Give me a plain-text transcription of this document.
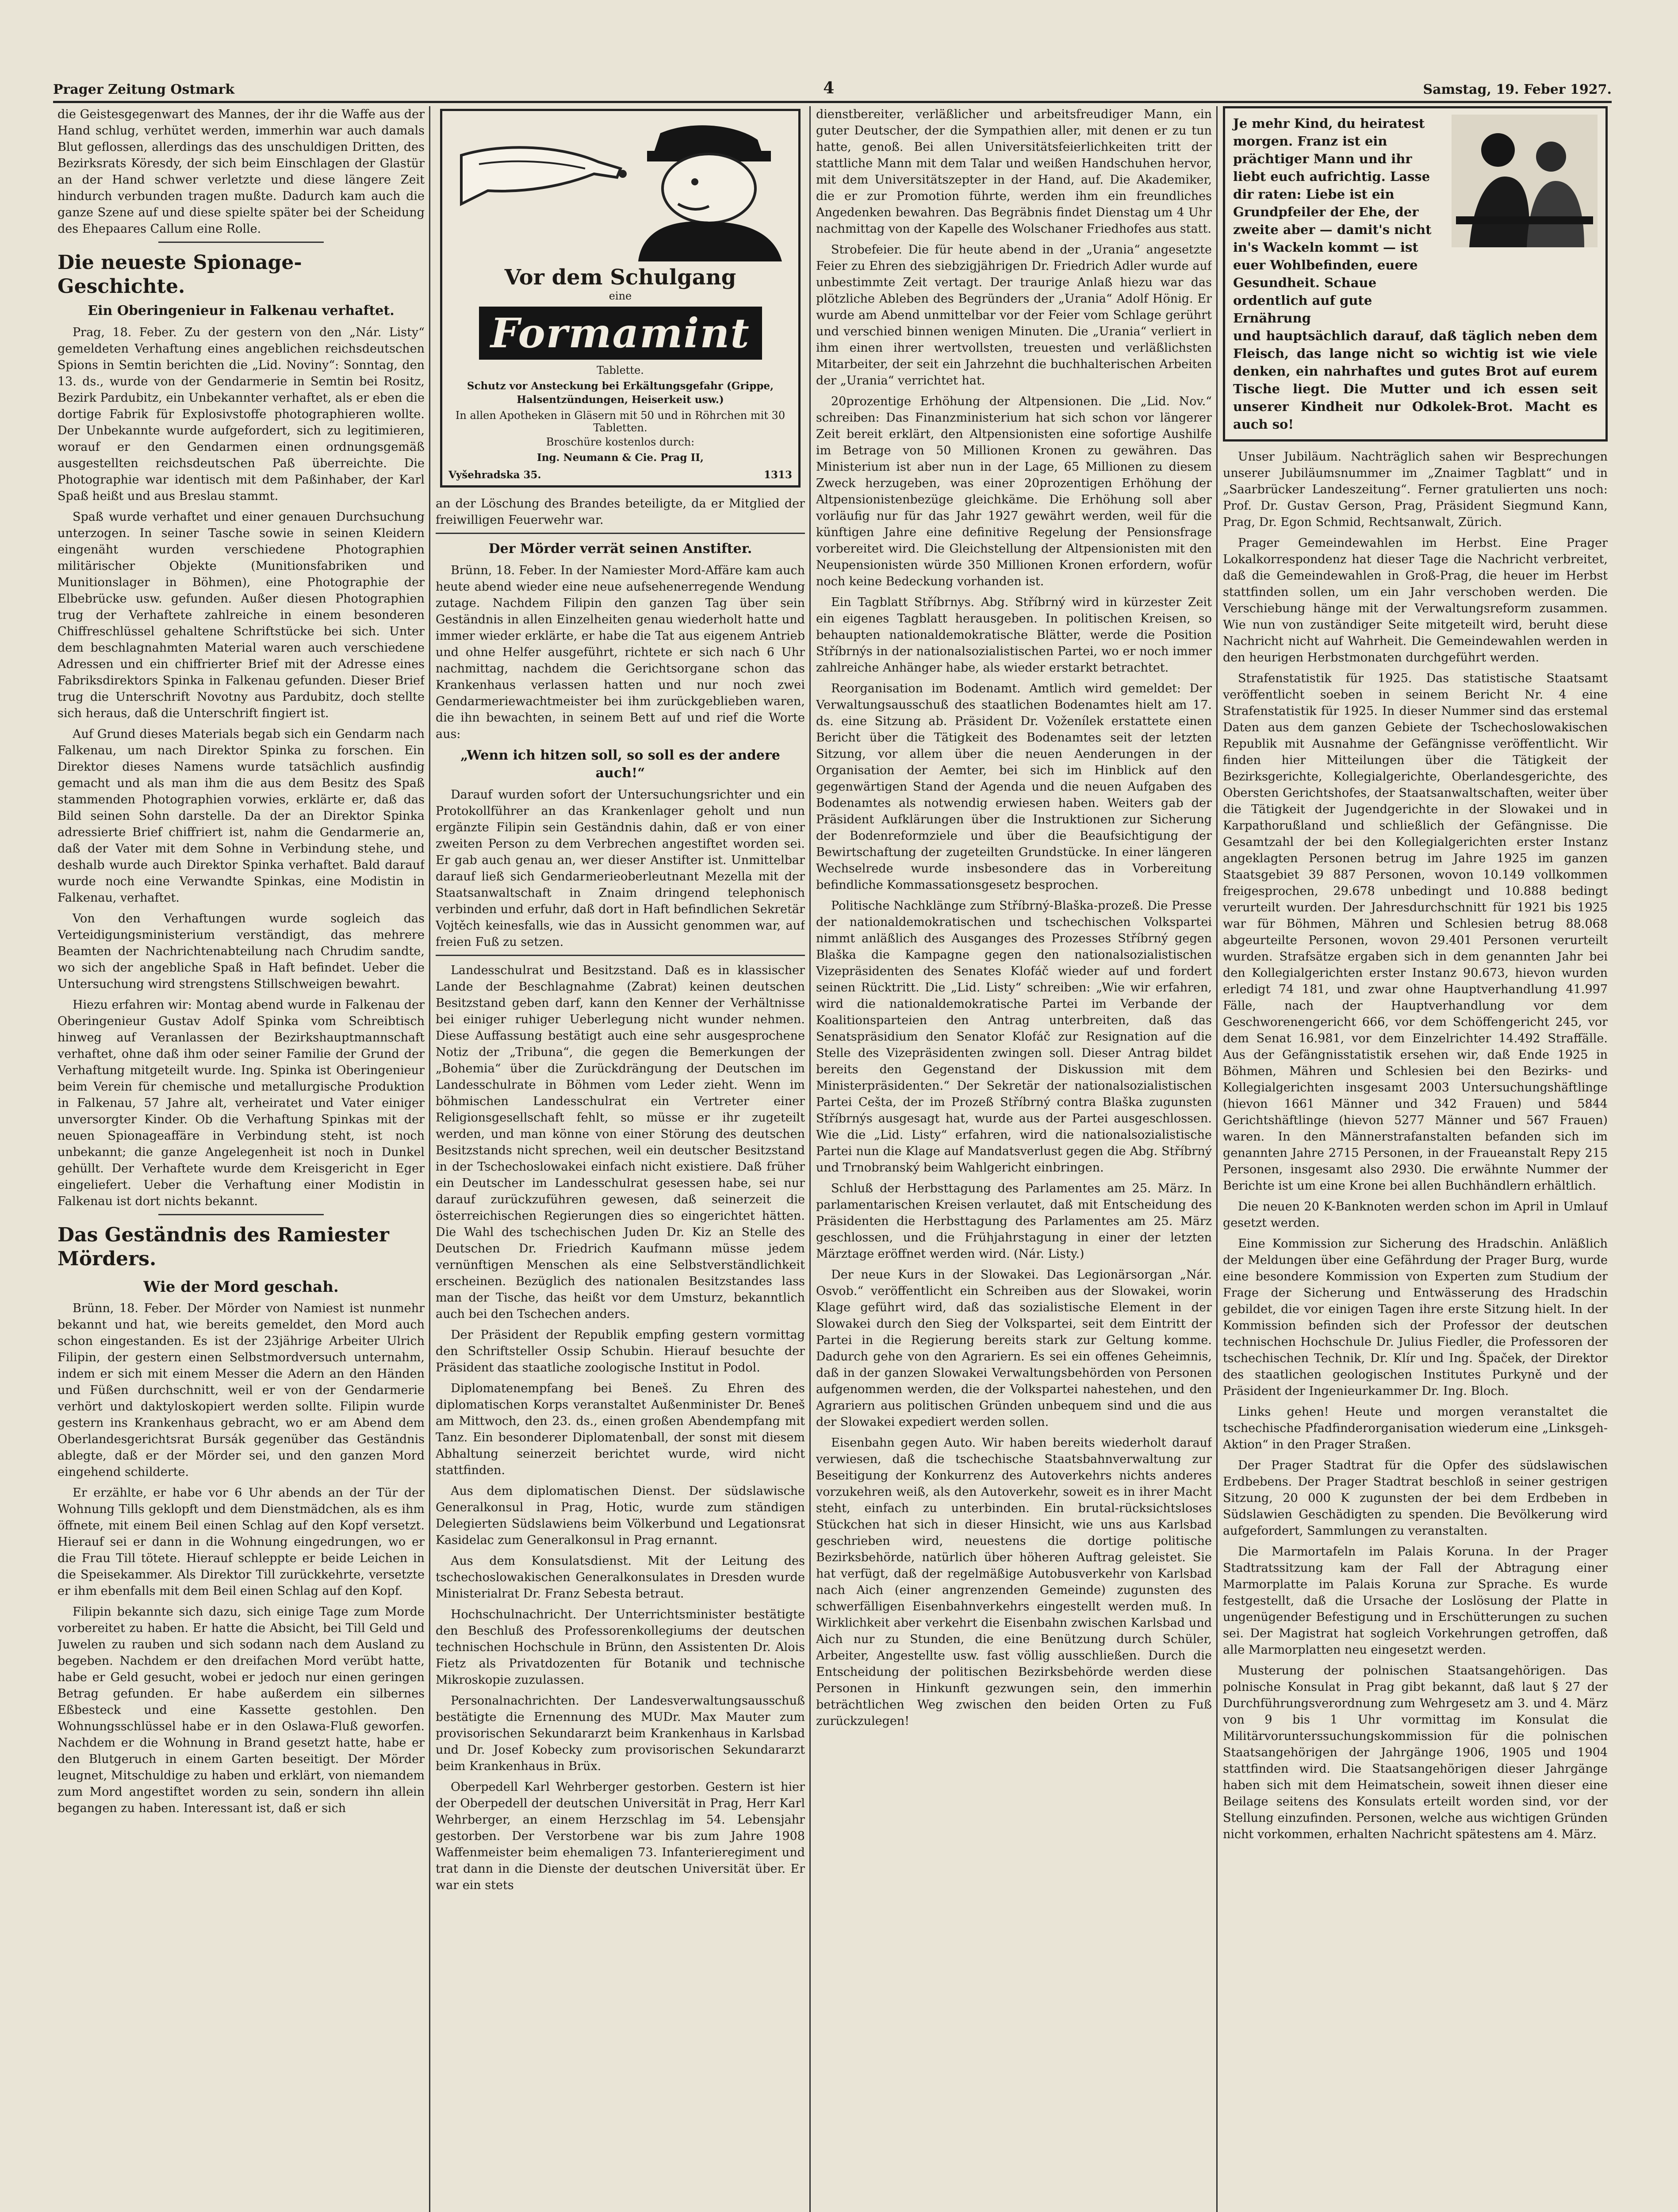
Prager Zeitung Ostmark	4	Samstag, 19. Feber 1927.

die Geistesgegenwart des Mannes, der ihr die Waffe aus der Hand schlug, verhütet werden, immerhin war auch damals Blut geflossen, allerdings das des unschuldigen Dritten, des Bezirksrats Köresdy, der sich beim Einschlagen der Glastür an der Hand schwer verletzte und diese längere Zeit hindurch verbunden tragen mußte. Dadurch kam auch die ganze Szene auf und diese spielte später bei der Scheidung des Ehepaares Callum eine Rolle.

Die neueste Spionage-Geschichte.
Ein Oberingenieur in Falkenau verhaftet.

Prag, 18. Feber. Zu der gestern von den „Nár. Listy“ gemeldeten Verhaftung eines angeblichen reichsdeutschen Spions in Semtin berichten die „Lid. Noviny“: Sonntag, den 13. ds., wurde von der Gendarmerie in Semtin bei Rositz, Bezirk Pardubitz, ein Unbekannter verhaftet, als er eben die dortige Fabrik für Explosivstoffe photographieren wollte. Der Unbekannte wurde aufgefordert, sich zu legitimieren, worauf er den Gendarmen einen ordnungsgemäß ausgestellten reichsdeutschen Paß überreichte. Die Photographie war identisch mit dem Paßinhaber, der Karl Spaß heißt und aus Breslau stammt.

Spaß wurde verhaftet und einer genauen Durchsuchung unterzogen. In seiner Tasche sowie in seinen Kleidern eingenäht wurden verschiedene Photographien militärischer Objekte (Munitionsfabriken und Munitionslager in Böhmen), eine Photographie der Elbebrücke usw. gefunden. Außer diesen Photographien trug der Verhaftete zahlreiche in einem besonderen Chiffreschlüssel gehaltene Schriftstücke bei sich. Unter dem beschlagnahmten Material waren auch verschiedene Adressen und ein chiffrierter Brief mit der Adresse eines Fabriksdirektors Spinka in Falkenau gefunden. Dieser Brief trug die Unterschrift Novotny aus Pardubitz, doch stellte sich heraus, daß die Unterschrift fingiert ist.

Auf Grund dieses Materials begab sich ein Gendarm nach Falkenau, um nach Direktor Spinka zu forschen. Ein Direktor dieses Namens wurde tatsächlich ausfindig gemacht und als man ihm die aus dem Besitz des Spaß stammenden Photographien vorwies, erklärte er, daß das Bild seinen Sohn darstelle. Da der an Direktor Spinka adressierte Brief chiffriert ist, nahm die Gendarmerie an, daß der Vater mit dem Sohne in Verbindung stehe, und deshalb wurde auch Direktor Spinka verhaftet. Bald darauf wurde noch eine Verwandte Spinkas, eine Modistin in Falkenau, verhaftet.

Von den Verhaftungen wurde sogleich das Verteidigungsministerium verständigt, das mehrere Beamten der Nachrichtenabteilung nach Chrudim sandte, wo sich der angebliche Spaß in Haft befindet. Ueber die Untersuchung wird strengstens Stillschweigen bewahrt.

Hiezu erfahren wir: Montag abend wurde in Falkenau der Oberingenieur Gustav Adolf Spinka vom Schreibtisch hinweg auf Veranlassen der Bezirkshauptmannschaft verhaftet, ohne daß ihm oder seiner Familie der Grund der Verhaftung mitgeteilt wurde. Ing. Spinka ist Oberingenieur beim Verein für chemische und metallurgische Produktion in Falkenau, 57 Jahre alt, verheiratet und Vater einiger unversorgter Kinder. Ob die Verhaftung Spinkas mit der neuen Spionageaffäre in Verbindung steht, ist noch unbekannt; die ganze Angelegenheit ist noch in Dunkel gehüllt. Der Verhaftete wurde dem Kreisgericht in Eger eingeliefert. Ueber die Verhaftung einer Modistin in Falkenau ist dort nichts bekannt.

Das Geständnis des Ramiester Mörders.
Wie der Mord geschah.

Brünn, 18. Feber. Der Mörder von Namiest ist nunmehr bekannt und hat, wie bereits gemeldet, den Mord auch schon eingestanden. Es ist der 23jährige Arbeiter Ulrich Filipin, der gestern einen Selbstmordversuch unternahm, indem er sich mit einem Messer die Adern an den Händen und Füßen durchschnitt, weil er von der Gendarmerie verhört und daktyloskopiert werden sollte. Filipin wurde gestern ins Krankenhaus gebracht, wo er am Abend dem Oberlandesgerichtsrat Bursák gegenüber das Geständnis ablegte, daß er der Mörder sei, und den ganzen Mord eingehend schilderte.

Er erzählte, er habe vor 6 Uhr abends an der Tür der Wohnung Tills geklopft und dem Dienstmädchen, als es ihm öffnete, mit einem Beil einen Schlag auf den Kopf versetzt. Hierauf sei er dann in die Wohnung eingedrungen, wo er die Frau Till tötete. Hierauf schleppte er beide Leichen in die Speisekammer. Als Direktor Till zurückkehrte, versetzte er ihm ebenfalls mit dem Beil einen Schlag auf den Kopf.

Filipin bekannte sich dazu, sich einige Tage zum Morde vorbereitet zu haben. Er hatte die Absicht, bei Till Geld und Juwelen zu rauben und sich sodann nach dem Ausland zu begeben. Nachdem er den dreifachen Mord verübt hatte, habe er Geld gesucht, wobei er jedoch nur einen geringen Betrag gefunden. Er habe außerdem ein silbernes Eßbesteck und eine Kassette gestohlen. Den Wohnungsschlüssel habe er in den Oslawa-Fluß geworfen. Nachdem er die Wohnung in Brand gesetzt hatte, habe er den Blutgeruch in einem Garten beseitigt. Der Mörder leugnet, Mitschuldige zu haben und erklärt, von niemandem zum Mord angestiftet worden zu sein, sondern ihn allein begangen zu haben. Interessant ist, daß er sich

Vor dem Schulgang
eine
Formamint
Tablette.
Schutz vor Ansteckung bei Erkältungsgefahr (Grippe, Halsentzündungen, Heiserkeit usw.)
In allen Apotheken in Gläsern mit 50 und in Röhrchen mit 30 Tabletten.
Broschüre kostenlos durch:
Ing. Neumann & Cie. Prag II,
Vyšehradska 35.	1313

an der Löschung des Brandes beteiligte, da er Mitglied der freiwilligen Feuerwehr war.

Der Mörder verrät seinen Anstifter.

Brünn, 18. Feber. In der Namiester Mord-Affäre kam auch heute abend wieder eine neue aufsehenerregende Wendung zutage. Nachdem Filipin den ganzen Tag über sein Geständnis in allen Einzelheiten genau wiederholt hatte und immer wieder erklärte, er habe die Tat aus eigenem Antrieb und ohne Helfer ausgeführt, richtete er sich nach 6 Uhr nachmittag, nachdem die Gerichtsorgane schon das Krankenhaus verlassen hatten und nur noch zwei Gendarmeriewachtmeister bei ihm zurückgeblieben waren, die ihn bewachten, in seinem Bett auf und rief die Worte aus:

„Wenn ich hitzen soll, so soll es der andere auch!“

Darauf wurden sofort der Untersuchungsrichter und ein Protokollführer an das Krankenlager geholt und nun ergänzte Filipin sein Geständnis dahin, daß er von einer zweiten Person zu dem Verbrechen angestiftet worden sei. Er gab auch genau an, wer dieser Anstifter ist. Unmittelbar darauf ließ sich Gendarmerieoberleutnant Mezella mit der Staatsanwaltschaft in Znaim dringend telephonisch verbinden und erfuhr, daß dort in Haft befindlichen Sekretär Vojtěch keinesfalls, wie das in Aussicht genommen war, auf freien Fuß zu setzen.

Landesschulrat und Besitzstand. Daß es in klassischer Lande der Beschlagnahme (Zabrat) keinen deutschen Besitzstand geben darf, kann den Kenner der Verhältnisse bei einiger ruhiger Ueberlegung nicht wunder nehmen. Diese Auffassung bestätigt auch eine sehr ausgesprochene Notiz der „Tribuna“, die gegen die Bemerkungen der „Bohemia“ über die Zurückdrängung der Deutschen im Landesschulrate in Böhmen vom Leder zieht. Wenn im böhmischen Landesschulrat ein Vertreter einer Religionsgesellschaft fehlt, so müsse er ihr zugeteilt werden, und man könne von einer Störung des deutschen Besitzstands nicht sprechen, weil ein deutscher Besitzstand in der Tschechoslowakei einfach nicht existiere. Daß früher ein Deutscher im Landesschulrat gesessen habe, sei nur darauf zurückzuführen gewesen, daß seinerzeit die österreichischen Regierungen dies so eingerichtet hätten. Die Wahl des tschechischen Juden Dr. Kiz an Stelle des Deutschen Dr. Friedrich Kaufmann müsse jedem vernünftigen Menschen als eine Selbstverständlichkeit erscheinen. Bezüglich des nationalen Besitzstandes lass man der Tische, das heißt vor dem Umsturz, bekanntlich auch bei den Tschechen anders.

Der Präsident der Republik empfing gestern vormittag den Schriftsteller Ossip Schubin. Hierauf besuchte der Präsident das staatliche zoologische Institut in Podol.

Diplomatenempfang bei Beneš. Zu Ehren des diplomatischen Korps veranstaltet Außenminister Dr. Beneš am Mittwoch, den 23. ds., einen großen Abendempfang mit Tanz. Ein besonderer Diplomatenball, der sonst mit diesem Abhaltung seinerzeit berichtet wurde, wird nicht stattfinden.

Aus dem diplomatischen Dienst. Der südslawische Generalkonsul in Prag, Hotic, wurde zum ständigen Delegierten Südslawiens beim Völkerbund und Legationsrat Kasidelac zum Generalkonsul in Prag ernannt.

Aus dem Konsulatsdienst. Mit der Leitung des tschechoslowakischen Generalkonsulates in Dresden wurde Ministerialrat Dr. Franz Sebesta betraut.

Hochschulnachricht. Der Unterrichtsminister bestätigte den Beschluß des Professorenkollegiums der deutschen technischen Hochschule in Brünn, den Assistenten Dr. Alois Fietz als Privatdozenten für Botanik und technische Mikroskopie zuzulassen.

Personalnachrichten. Der Landesverwaltungsausschuß bestätigte die Ernennung des MUDr. Max Mauter zum provisorischen Sekundararzt beim Krankenhaus in Karlsbad und Dr. Josef Kobecky zum provisorischen Sekundararzt beim Krankenhaus in Brüx.

Oberpedell Karl Wehrberger gestorben. Gestern ist hier der Oberpedell der deutschen Universität in Prag, Herr Karl Wehrberger, an einem Herzschlag im 54. Lebensjahr gestorben. Der Verstorbene war bis zum Jahre 1908 Waffenmeister beim ehemaligen 73. Infanterieregiment und trat dann in die Dienste der deutschen Universität über. Er war ein stets

dienstbereiter, verläßlicher und arbeitsfreudiger Mann, ein guter Deutscher, der die Sympathien aller, mit denen er zu tun hatte, genoß. Bei allen Universitätsfeierlichkeiten tritt der stattliche Mann mit dem Talar und weißen Handschuhen hervor, mit dem Universitätszepter in der Hand, auf. Die Akademiker, die er zur Promotion führte, werden ihm ein freundliches Angedenken bewahren. Das Begräbnis findet Dienstag um 4 Uhr nachmittag von der Kapelle des Wolschaner Friedhofes aus statt.

Strobefeier. Die für heute abend in der „Urania“ angesetzte Feier zu Ehren des siebzigjährigen Dr. Friedrich Adler wurde auf unbestimmte Zeit vertagt. Der traurige Anlaß hiezu war das plötzliche Ableben des Begründers der „Urania“ Adolf Hönig. Er wurde am Abend unmittelbar vor der Feier vom Schlage gerührt und verschied binnen wenigen Minuten. Die „Urania“ verliert in ihm einen ihrer wertvollsten, treuesten und verläßlichsten Mitarbeiter, der seit ein Jahrzehnt die buchhalterischen Arbeiten der „Urania“ verrichtet hat.

20prozentige Erhöhung der Altpensionen. Die „Lid. Nov.“ schreiben: Das Finanzministerium hat sich schon vor längerer Zeit bereit erklärt, den Altpensionisten eine sofortige Aushilfe im Betrage von 50 Millionen Kronen zu gewähren. Das Ministerium ist aber nun in der Lage, 65 Millionen zu diesem Zweck herzugeben, was einer 20prozentigen Erhöhung der Altpensionistenbezüge gleichkäme. Die Erhöhung soll aber vorläufig nur für das Jahr 1927 gewährt werden, weil für die künftigen Jahre eine definitive Regelung der Pensionsfrage vorbereitet wird. Die Gleichstellung der Altpensionisten mit den Neupensionisten würde 350 Millionen Kronen erfordern, wofür noch keine Bedeckung vorhanden ist.

Ein Tagblatt Stříbrnys. Abg. Stříbrný wird in kürzester Zeit ein eigenes Tagblatt herausgeben. In politischen Kreisen, so behaupten nationaldemokratische Blätter, werde die Position Stříbrnýs in der nationalsozialistischen Partei, wo er noch immer zahlreiche Anhänger habe, als wieder erstarkt betrachtet.

Reorganisation im Bodenamt. Amtlich wird gemeldet: Der Verwaltungsausschuß des staatlichen Bodenamtes hielt am 17. ds. eine Sitzung ab. Präsident Dr. Voženílek erstattete einen Bericht über die Tätigkeit des Bodenamtes seit der letzten Sitzung, vor allem über die neuen Aenderungen in der Organisation der Aemter, bei sich im Hinblick auf den gegenwärtigen Stand der Agenda und die neuen Aufgaben des Bodenamtes als notwendig erwiesen haben. Weiters gab der Präsident Aufklärungen über die Instruktionen zur Sicherung der Bodenreformziele und über die Beaufsichtigung der Bewirtschaftung der zugeteilten Grundstücke. In einer längeren Wechselrede wurde insbesondere das in Vorbereitung befindliche Kommassationsgesetz besprochen.

Politische Nachklänge zum Stříbrný-Blaška-prozeß. Die Presse der nationaldemokratischen und tschechischen Volkspartei nimmt anläßlich des Ausganges des Prozesses Stříbrný gegen Blaška die Kampagne gegen den nationalsozialistischen Vizepräsidenten des Senates Klofáč wieder auf und fordert seinen Rücktritt. Die „Lid. Listy“ schreiben: „Wie wir erfahren, wird die nationaldemokratische Partei im Verbande der Koalitionsparteien den Antrag unterbreiten, daß das Senatspräsidium den Senator Klofáč zur Resignation auf die Stelle des Vizepräsidenten zwingen soll. Dieser Antrag bildet bereits den Gegenstand der Diskussion mit dem Ministerpräsidenten.“ Der Sekretär der nationalsozialistischen Partei Cešta, der im Prozeß Stříbrný contra Blaška zugunsten Stříbrnýs ausgesagt hat, wurde aus der Partei ausgeschlossen. Wie die „Lid. Listy“ erfahren, wird die nationalsozialistische Partei nun die Klage auf Mandatsverlust gegen die Abg. Stříbrný und Trnobranský beim Wahlgericht einbringen.

Schluß der Herbsttagung des Parlamentes am 25. März. In parlamentarischen Kreisen verlautet, daß mit Entscheidung des Präsidenten die Herbsttagung des Parlamentes am 25. März geschlossen, und die Frühjahrstagung in einer der letzten Märztage eröffnet werden wird. (Nár. Listy.)

Der neue Kurs in der Slowakei. Das Legionärsorgan „Nár. Osvob.“ veröffentlicht ein Schreiben aus der Slowakei, worin Klage geführt wird, daß das sozialistische Element in der Slowakei durch den Sieg der Volkspartei, seit dem Eintritt der Partei in die Regierung bereits stark zur Geltung komme. Dadurch gehe von den Agrariern. Es sei ein offenes Geheimnis, daß in der ganzen Slowakei Verwaltungsbehörden von Personen aufgenommen werden, die der Volkspartei nahestehen, und den Agrariern aus politischen Gründen unbequem sind und die aus der Slowakei expediert werden sollen.

Eisenbahn gegen Auto. Wir haben bereits wiederholt darauf verwiesen, daß die tschechische Staatsbahnverwaltung zur Beseitigung der Konkurrenz des Autoverkehrs nichts anderes vorzukehren weiß, als den Autoverkehr, soweit es in ihrer Macht steht, einfach zu unterbinden. Ein brutal-rücksichtsloses Stückchen hat sich in dieser Hinsicht, wie uns aus Karlsbad geschrieben wird, neuestens die dortige politische Bezirksbehörde, natürlich über höheren Auftrag geleistet. Sie hat verfügt, daß der regelmäßige Autobusverkehr von Karlsbad nach Aich (einer angrenzenden Gemeinde) zugunsten des schwerfälligen Eisenbahnverkehrs eingestellt werden muß. In Wirklichkeit aber verkehrt die Eisenbahn zwischen Karlsbad und Aich nur zu Stunden, die eine Benützung durch Schüler, Arbeiter, Angestellte usw. fast völlig ausschließen. Durch die Entscheidung der politischen Bezirksbehörde werden diese Personen in Hinkunft gezwungen sein, den immerhin beträchtlichen Weg zwischen den beiden Orten zu Fuß zurückzulegen!

Je mehr Kind, du heiratest morgen. Franz ist ein prächtiger Mann und ihr liebt euch aufrichtig. Lasse dir raten: Liebe ist ein Grundpfeiler der Ehe, der zweite aber — damit's nicht in's Wackeln kommt — ist euer Wohlbefinden, euere Gesundheit. Schaue ordentlich auf gute Ernährung
und hauptsächlich darauf, daß täglich neben dem Fleisch, das lange nicht so wichtig ist wie viele denken, ein nahrhaftes und gutes Brot auf eurem Tische liegt. Die Mutter und ich essen seit unserer Kindheit nur Odkolek-Brot. Macht es auch so!

Unser Jubiläum. Nachträglich sahen wir Besprechungen unserer Jubiläumsnummer im „Znaimer Tagblatt“ und in „Saarbrücker Landeszeitung“. Ferner gratulierten uns noch: Prof. Dr. Gustav Gerson, Prag, Präsident Siegmund Kann, Prag, Dr. Egon Schmid, Rechtsanwalt, Zürich.

Prager Gemeindewahlen im Herbst. Eine Prager Lokalkorrespondenz hat dieser Tage die Nachricht verbreitet, daß die Gemeindewahlen in Groß-Prag, die heuer im Herbst stattfinden sollen, um ein Jahr verschoben werden. Die Verschiebung hänge mit der Verwaltungsreform zusammen. Wie nun von zuständiger Seite mitgeteilt wird, beruht diese Nachricht nicht auf Wahrheit. Die Gemeindewahlen werden in den heurigen Herbstmonaten durchgeführt werden.

Strafenstatistik für 1925. Das statistische Staatsamt veröffentlicht soeben in seinem Bericht Nr. 4 eine Strafenstatistik für 1925. In dieser Nummer sind das erstemal Daten aus dem ganzen Gebiete der Tschechoslowakischen Republik mit Ausnahme der Gefängnisse veröffentlicht. Wir finden hier Mitteilungen über die Tätigkeit der Bezirksgerichte, Kollegialgerichte, Oberlandesgerichte, des Obersten Gerichtshofes, der Staatsanwaltschaften, weiter über die Tätigkeit der Jugendgerichte in der Slowakei und in Karpathorußland und schließlich der Gefängnisse. Die Gesamtzahl der bei den Kollegialgerichten erster Instanz angeklagten Personen betrug im Jahre 1925 im ganzen Staatsgebiet 39 887 Personen, wovon 10.149 vollkommen freigesprochen, 29.678 unbedingt und 10.888 bedingt verurteilt wurden. Der Jahresdurchschnitt für 1921 bis 1925 war für Böhmen, Mähren und Schlesien betrug 88.068 abgeurteilte Personen, wovon 29.401 Personen verurteilt wurden. Strafsätze ergaben sich in dem genannten Jahr bei den Kollegialgerichten erster Instanz 90.673, hievon wurden erledigt 74 181, und zwar ohne Hauptverhandlung 41.997 Fälle, nach der Hauptverhandlung vor dem Geschworenengericht 666, vor dem Schöffengericht 245, vor dem Senat 16.981, vor dem Einzelrichter 14.492 Straffälle. Aus der Gefängnisstatistik ersehen wir, daß Ende 1925 in Böhmen, Mähren und Schlesien bei den Bezirks- und Kollegialgerichten insgesamt 2003 Untersuchungshäftlinge (hievon 1661 Männer und 342 Frauen) und 5844 Gerichtshäftlinge (hievon 5277 Männer und 567 Frauen) waren. In den Männerstrafanstalten befanden sich im genannten Jahre 2715 Personen, in der Fraueanstalt Repy 215 Personen, insgesamt also 2930. Die erwähnte Nummer der Berichte ist um eine Krone bei allen Buchhändlern erhältlich.

Die neuen 20 K-Banknoten werden schon im April in Umlauf gesetzt werden.

Eine Kommission zur Sicherung des Hradschin. Anläßlich der Meldungen über eine Gefährdung der Prager Burg, wurde eine besondere Kommission von Experten zum Studium der Frage der Sicherung und Entwässerung des Hradschin gebildet, die vor einigen Tagen ihre erste Sitzung hielt. In der Kommission befinden sich der Professor der deutschen technischen Hochschule Dr. Julius Fiedler, die Professoren der tschechischen Technik, Dr. Klír und Ing. Špaček, der Direktor des staatlichen geologischen Institutes Purkyně und der Präsident der Ingenieurkammer Dr. Ing. Bloch.

Links gehen! Heute und morgen veranstaltet die tschechische Pfadfinderorganisation wiederum eine „Linksgeh-Aktion“ in den Prager Straßen.

Der Prager Stadtrat für die Opfer des südslawischen Erdbebens. Der Prager Stadtrat beschloß in seiner gestrigen Sitzung, 20 000 K zugunsten der bei dem Erdbeben in Südslawien Geschädigten zu spenden. Die Bevölkerung wird aufgefordert, Sammlungen zu veranstalten.

Die Marmortafeln im Palais Koruna. In der Prager Stadtratssitzung kam der Fall der Abtragung einer Marmorplatte im Palais Koruna zur Sprache. Es wurde festgestellt, daß die Ursache der Loslösung der Platte in ungenügender Befestigung und in Erschütterungen zu suchen sei. Der Magistrat hat sogleich Vorkehrungen getroffen, daß alle Marmorplatten neu eingesetzt werden.

Musterung der polnischen Staatsangehörigen. Das polnische Konsulat in Prag gibt bekannt, daß laut § 27 der Durchführungsverordnung zum Wehrgesetz am 3. und 4. März von 9 bis 1 Uhr vormittag im Konsulat die Militärvorunterssuchungskommission für die polnischen Staatsangehörigen der Jahrgänge 1906, 1905 und 1904 stattfinden wird. Die Staatsangehörigen dieser Jahrgänge haben sich mit dem Heimatschein, soweit ihnen dieser eine Beilage seitens des Konsulats erteilt worden sind, vor der Stellung einzufinden. Personen, welche aus wichtigen Gründen nicht vorkommen, erhalten Nachricht spätestens am 4. März.
